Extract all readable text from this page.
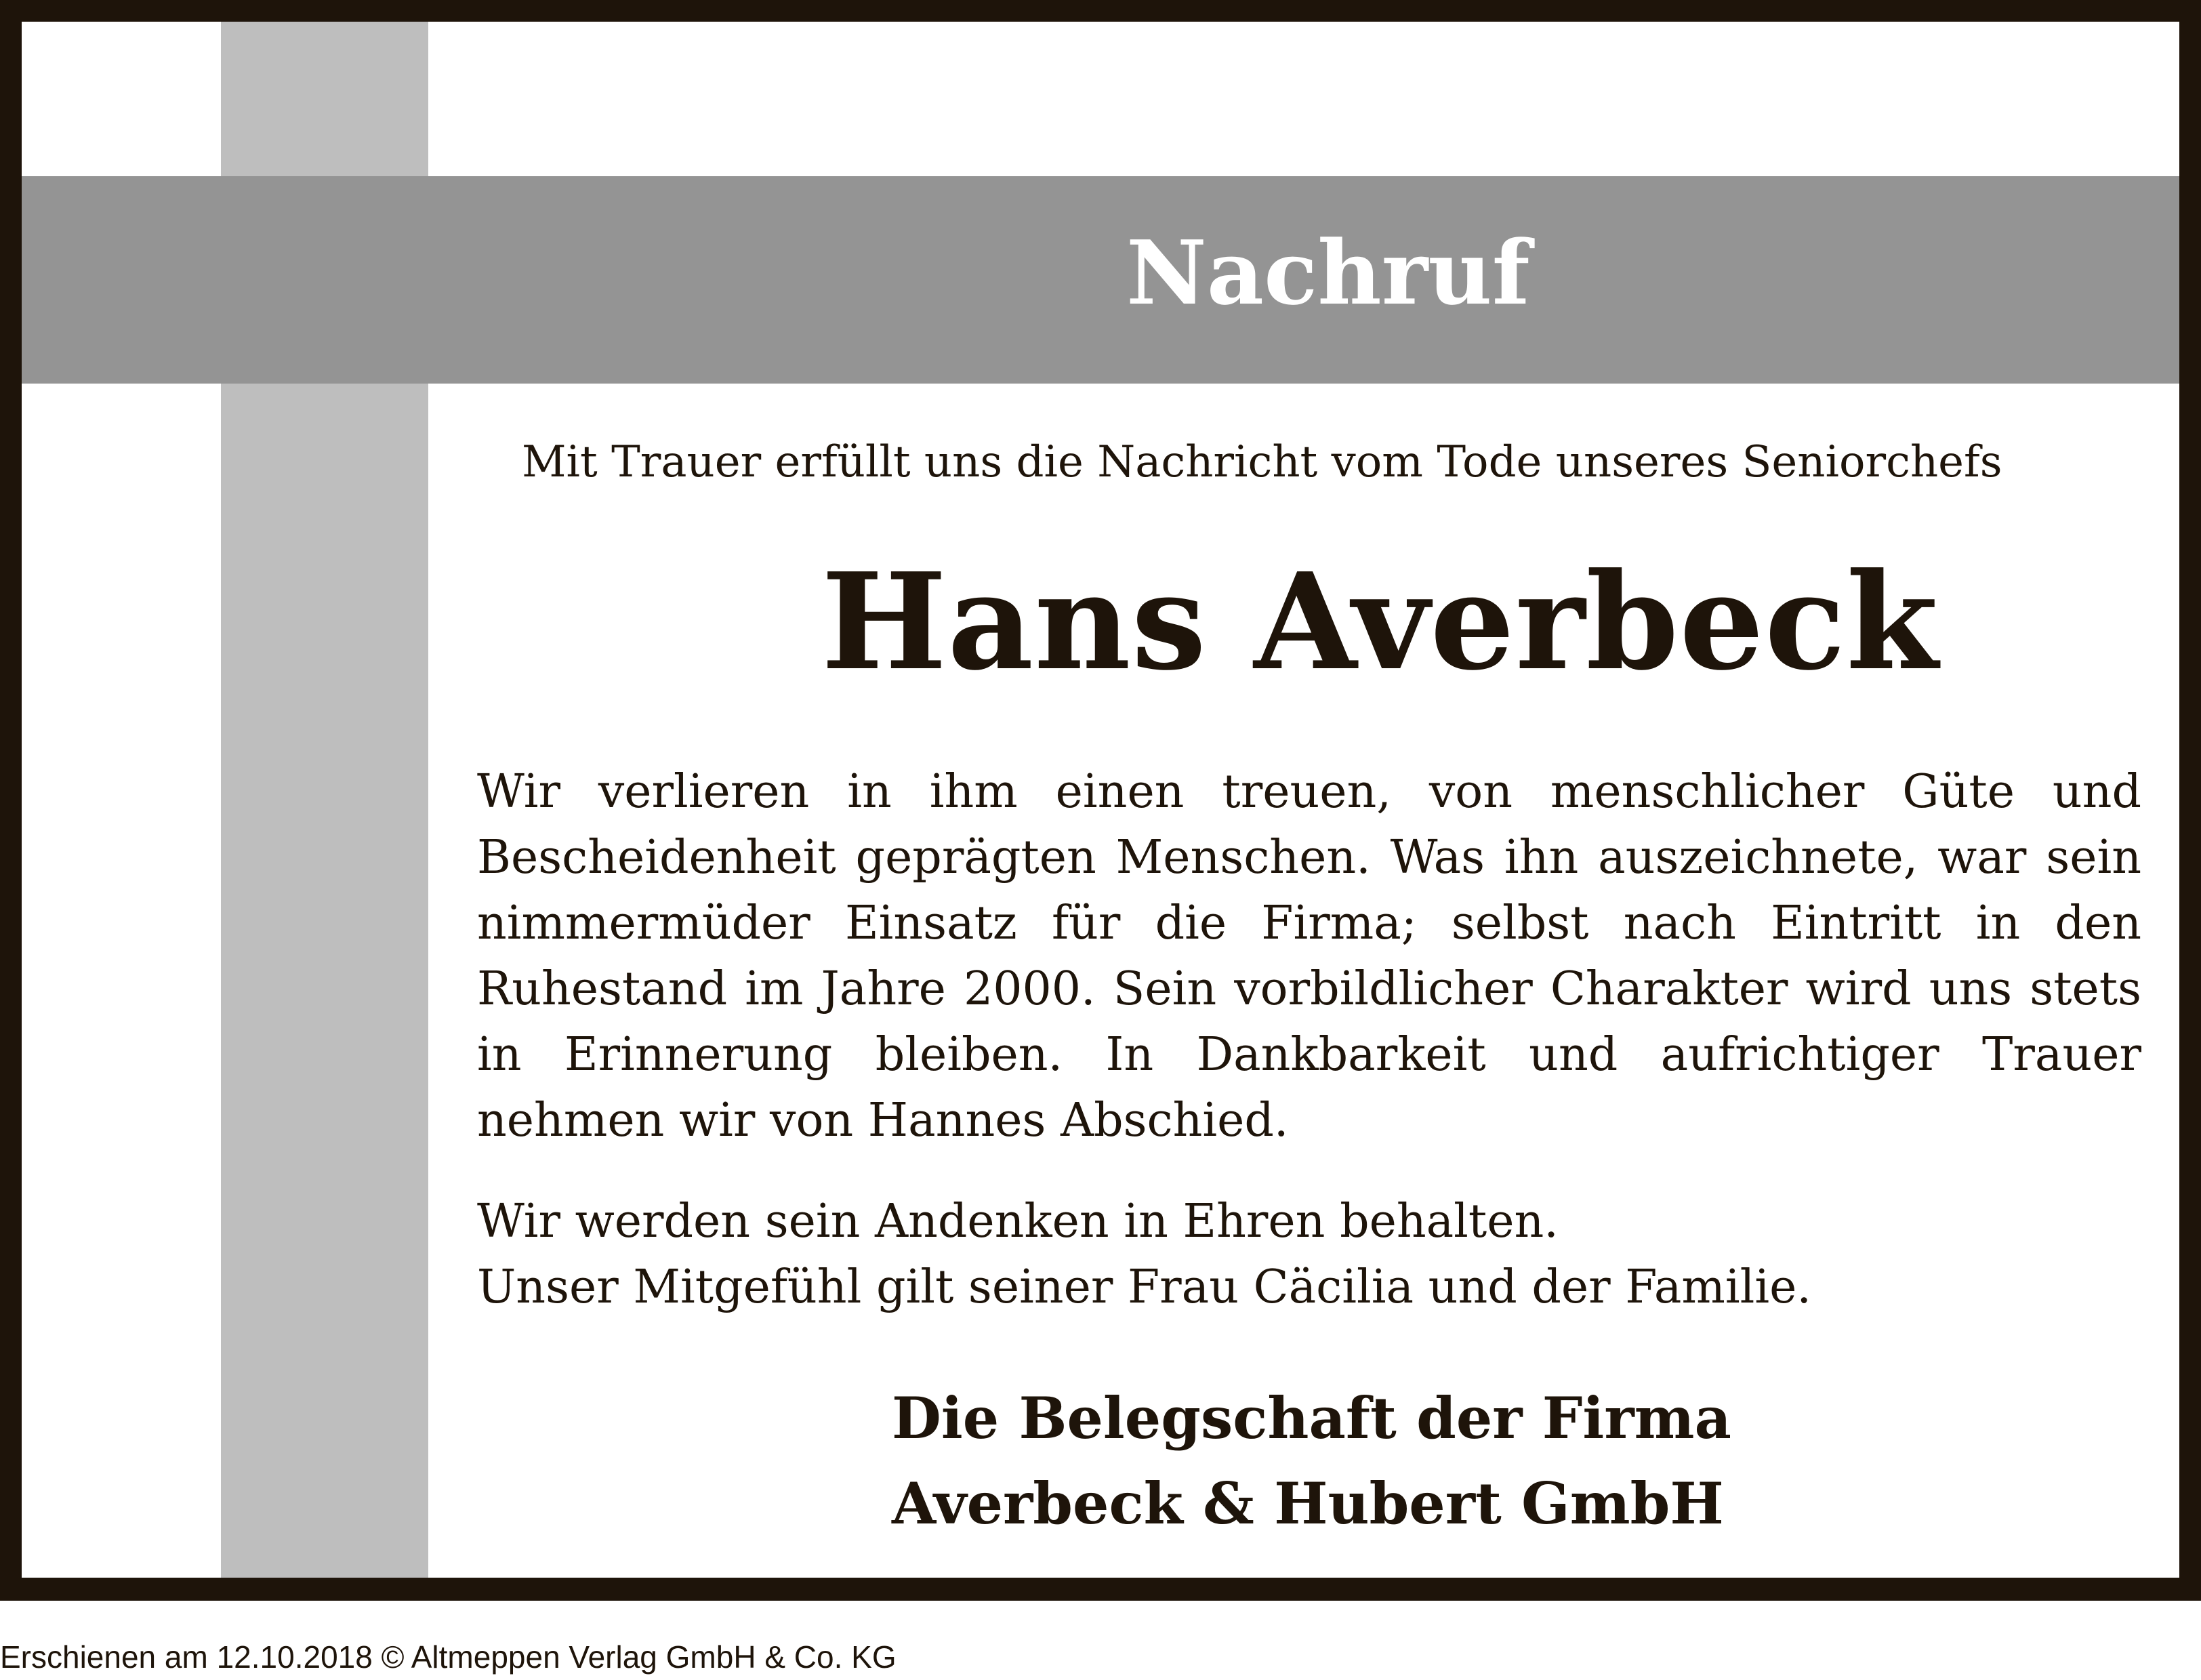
Nachruf
Mit Trauer erfüllt uns die Nachricht vom Tode unseres Seniorchefs
Hans Averbeck
Wir verlieren in ihm einen treuen, von menschlicher Güte und Bescheidenheit geprägten Menschen. Was ihn auszeichnete, war sein nimmermüder Einsatz für die Firma; selbst nach Eintritt in den Ruhestand im Jahre 2000. Sein vorbildlicher Charakter wird uns stets in Erinnerung bleiben. In Dankbarkeit und aufrichtiger Trauer nehmen wir von Hannes Abschied.
Wir werden sein Andenken in Ehren behalten.
Unser Mitgefühl gilt seiner Frau Cäcilia und der Familie.
Die Belegschaft der Firma
Averbeck & Hubert GmbH
Erschienen am 12.10.2018 © Altmeppen Verlag GmbH & Co. KG
